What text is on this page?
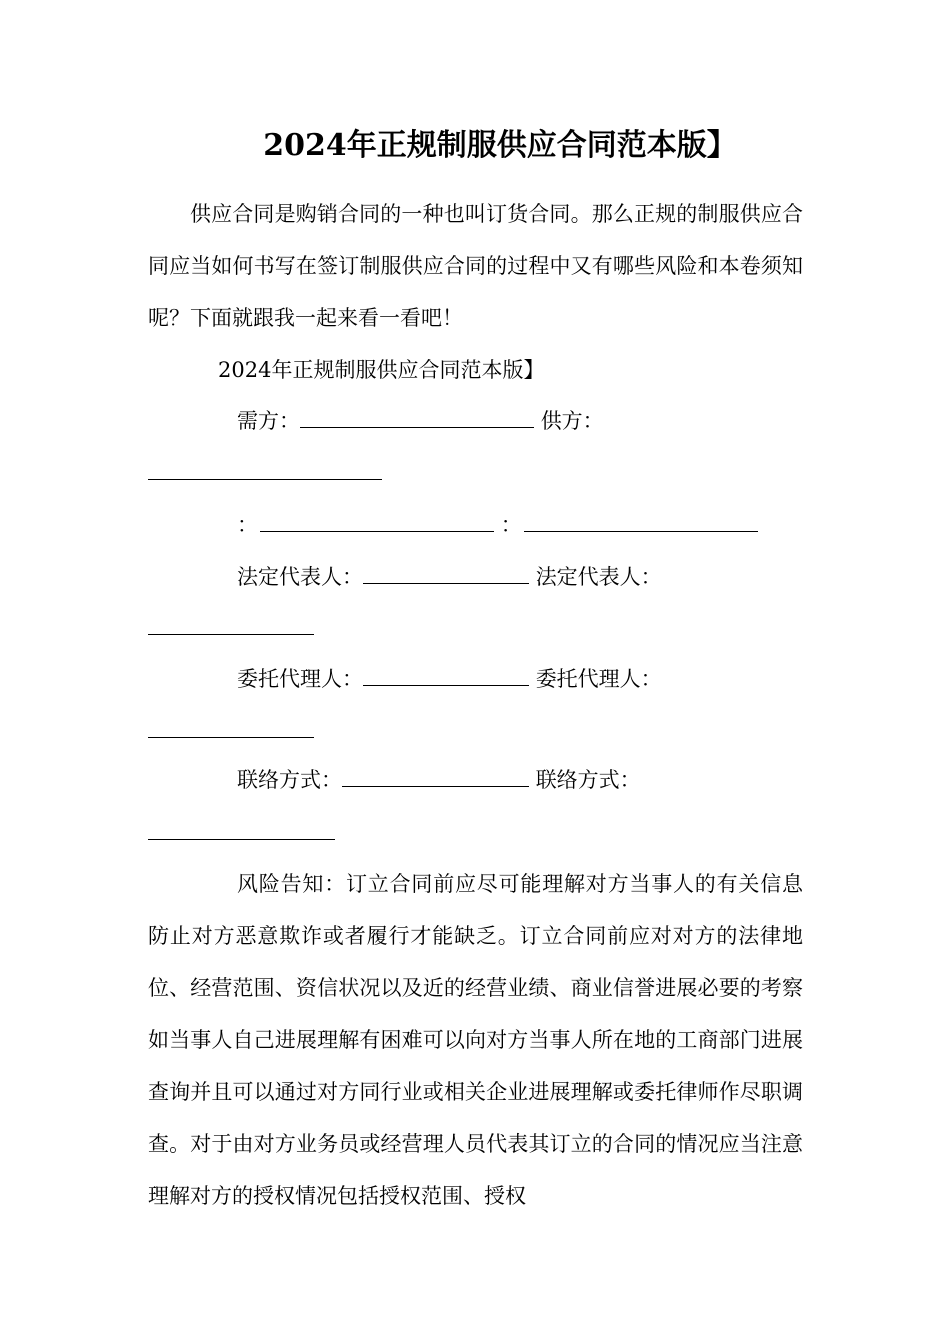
2024年正规制服供应合同范本版】
供应合同是购销合同的一种也叫订货合同。那么正规的制服供应合同应当如何书写在签订制服供应合同的过程中又有哪些风险和本卷须知呢？下面就跟我一起来看一看吧！
2024年正规制服供应合同范本版】
需方：	供方：
：	：
法定代表人：	法定代表人：
委托代理人：	委托代理人：
联络方式：	联络方式：
风险告知：订立合同前应尽可能理解对方当事人的有关信息防止对方恶意欺诈或者履行才能缺乏。订立合同前应对对方的法律地位、经营范围、资信状况以及近的经营业绩、商业信誉进展必要的考察如当事人自己进展理解有困难可以向对方当事人所在地的工商部门进展查询并且可以通过对方同行业或相关企业进展理解或委托律师作尽职调查。对于由对方业务员或经营理人员代表其订立的合同的情况应当注意理解对方的授权情况包括授权范围、授权
